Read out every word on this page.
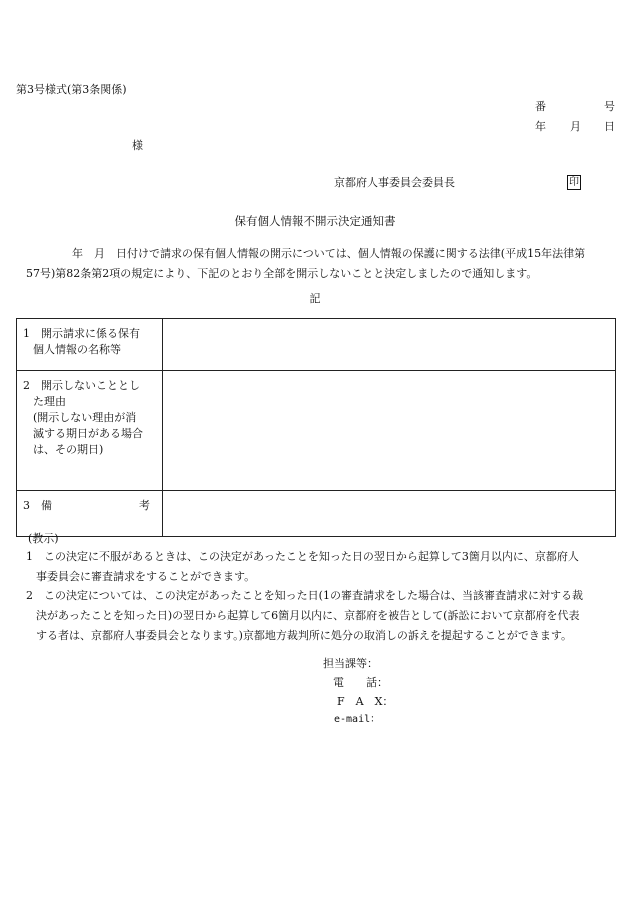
第3号様式(第3条関係)
番	号
年 月 日
様
京都府人事委員会委員長	印
保有個人情報不開示決定通知書
年　月　日付けで請求の保有個人情報の開示については、個人情報の保護に関する法律(平成15年法律第
57号)第82条第2項の規定により、下記のとおり全部を開示しないことと決定しましたので通知します。
記
1　開示請求に係る保有
個人情報の名称等	

2　開示しないこととし
た理由
(開示しない理由が消
滅する期日がある場合
は、その期日)	

3　備 考	

(教示)
1　この決定に不服があるときは、この決定があったことを知った日の翌日から起算して3箇月以内に、京都府人
事委員会に審査請求をすることができます。
2　この決定については、この決定があったことを知った日(1の審査請求をした場合は、当該審査請求に対する裁
決があったことを知った日)の翌日から起算して6箇月以内に、京都府を被告として(訴訟において京都府を代表
する者は、京都府人事委員会となります。)京都地方裁判所に処分の取消しの訴えを提起することができます。
担当課等：
電　　話：
F　A　X：
e-mail：
